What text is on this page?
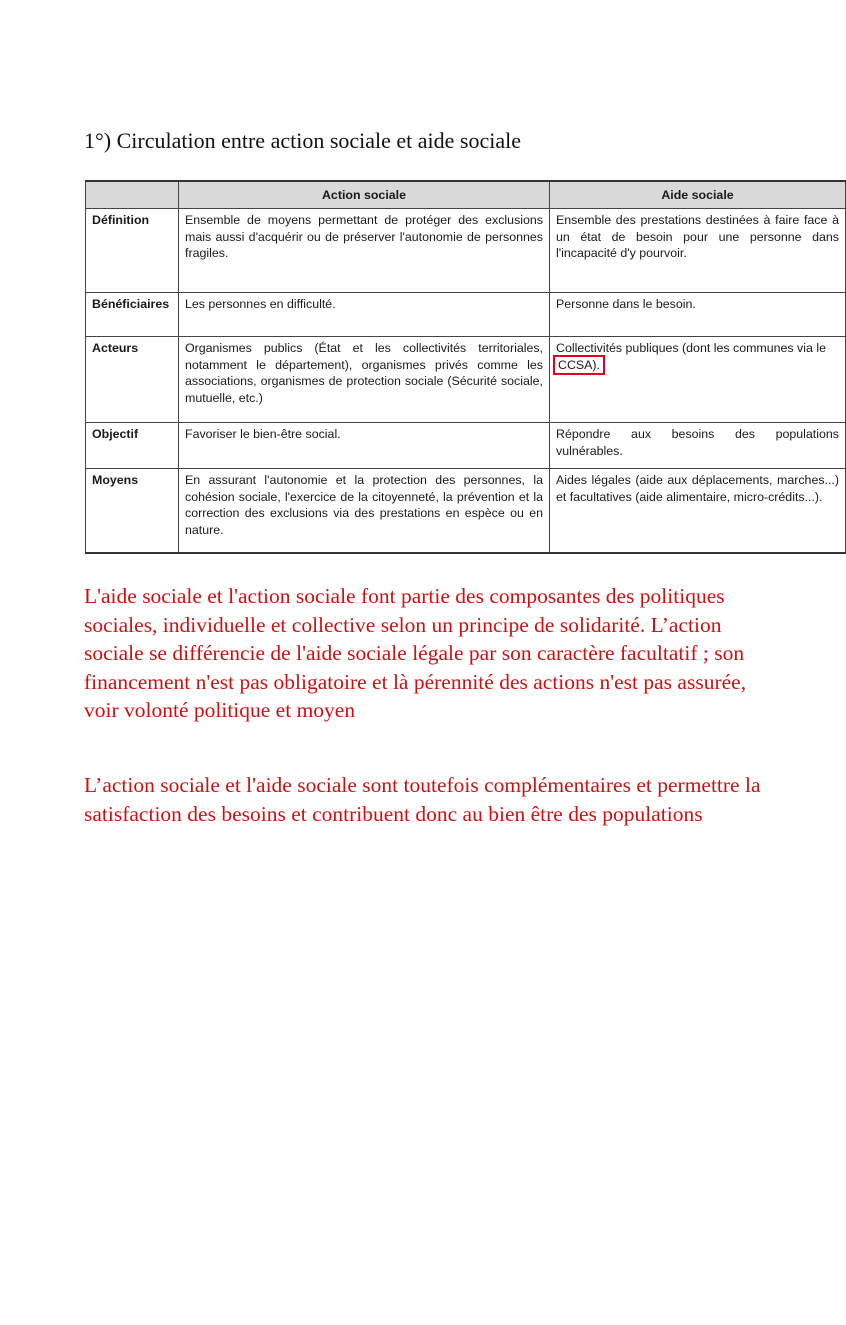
1°) Circulation entre action sociale et aide sociale
	Action sociale	Aide sociale
Définition	Ensemble de moyens permettant de protéger des exclusions mais aussi d'acquérir ou de préserver l'autonomie de personnes fragiles.	Ensemble des prestations destinées à faire face à un état de besoin pour une personne dans l'incapacité d'y pourvoir.
Bénéficiaires	Les personnes en difficulté.	Personne dans le besoin.
Acteurs	Organismes publics (État et les collectivités territoriales, notamment le département), organismes privés comme les associations, organismes de protection sociale (Sécurité sociale, mutuelle, etc.)	Collectivités publiques (dont les communes via le CCSA).
Objectif	Favoriser le bien-être social.	Répondre aux besoins des populations vulnérables.
Moyens	En assurant l'autonomie et la protection des personnes, la cohésion sociale, l'exercice de la citoyenneté, la prévention et la correction des exclusions via des prestations en espèce ou en nature.	Aides légales (aide aux déplacements, marches...) et facultatives (aide alimentaire, micro-crédits...).

L'aide sociale et l'action sociale font partie des composantes des politiques sociales, individuelle et collective selon un principe de solidarité. L’action sociale se différencie de l'aide sociale légale par son caractère facultatif ; son financement n'est pas obligatoire et là pérennité des actions n'est pas assurée, voir volonté politique et moyen

L’action sociale et l'aide sociale sont toutefois complémentaires et permettre la satisfaction des besoins et contribuent donc au bien être des populations
